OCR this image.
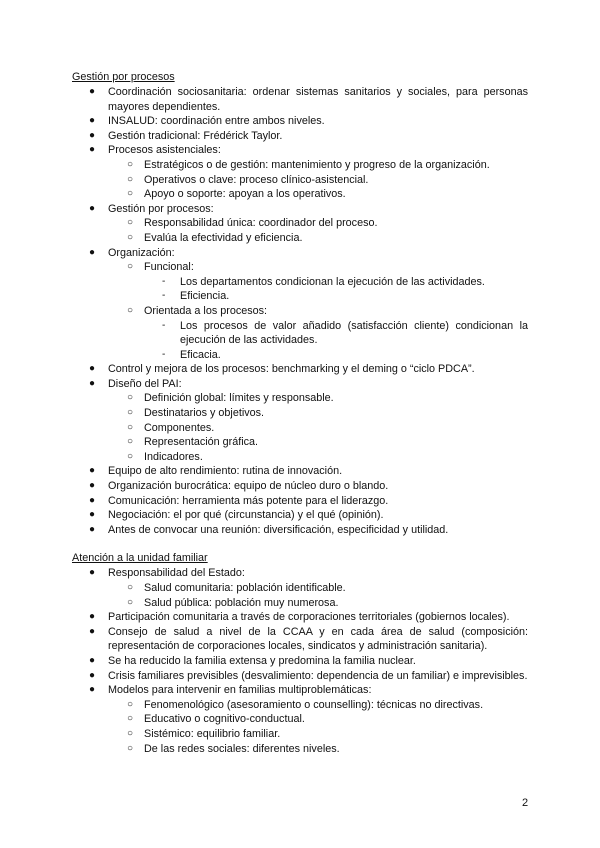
Gestión por procesos
● Coordinación sociosanitaria: ordenar sistemas sanitarios y sociales, para personas mayores dependientes.
● INSALUD: coordinación entre ambos niveles.
● Gestión tradicional: Frédérick Taylor.
● Procesos asistenciales:
○ Estratégicos o de gestión: mantenimiento y progreso de la organización.
○ Operativos o clave: proceso clínico-asistencial.
○ Apoyo o soporte: apoyan a los operativos.
● Gestión por procesos:
○ Responsabilidad única: coordinador del proceso.
○ Evalúa la efectividad y eficiencia.
● Organización:
○ Funcional:
- Los departamentos condicionan la ejecución de las actividades.
- Eficiencia.
○ Orientada a los procesos:
- Los procesos de valor añadido (satisfacción cliente) condicionan la ejecución de las actividades.
- Eficacia.
● Control y mejora de los procesos: benchmarking y el deming o “ciclo PDCA”.
● Diseño del PAI:
○ Definición global: límites y responsable.
○ Destinatarios y objetivos.
○ Componentes.
○ Representación gráfica.
○ Indicadores.
● Equipo de alto rendimiento: rutina de innovación.
● Organización burocrática: equipo de núcleo duro o blando.
● Comunicación: herramienta más potente para el liderazgo.
● Negociación: el por qué (circunstancia) y el qué (opinión).
● Antes de convocar una reunión: diversificación, especificidad y utilidad.
Atención a la unidad familiar
● Responsabilidad del Estado:
○ Salud comunitaria: población identificable.
○ Salud pública: población muy numerosa.
● Participación comunitaria a través de corporaciones territoriales (gobiernos locales).
● Consejo de salud a nivel de la CCAA y en cada área de salud (composición: representación de corporaciones locales, sindicatos y administración sanitaria).
● Se ha reducido la familia extensa y predomina la familia nuclear.
● Crisis familiares previsibles (desvalimiento: dependencia de un familiar) e imprevisibles.
● Modelos para intervenir en familias multiproblemáticas:
○ Fenomenológico (asesoramiento o counselling): técnicas no directivas.
○ Educativo o cognitivo-conductual.
○ Sistémico: equilibrio familiar.
○ De las redes sociales: diferentes niveles.
2
